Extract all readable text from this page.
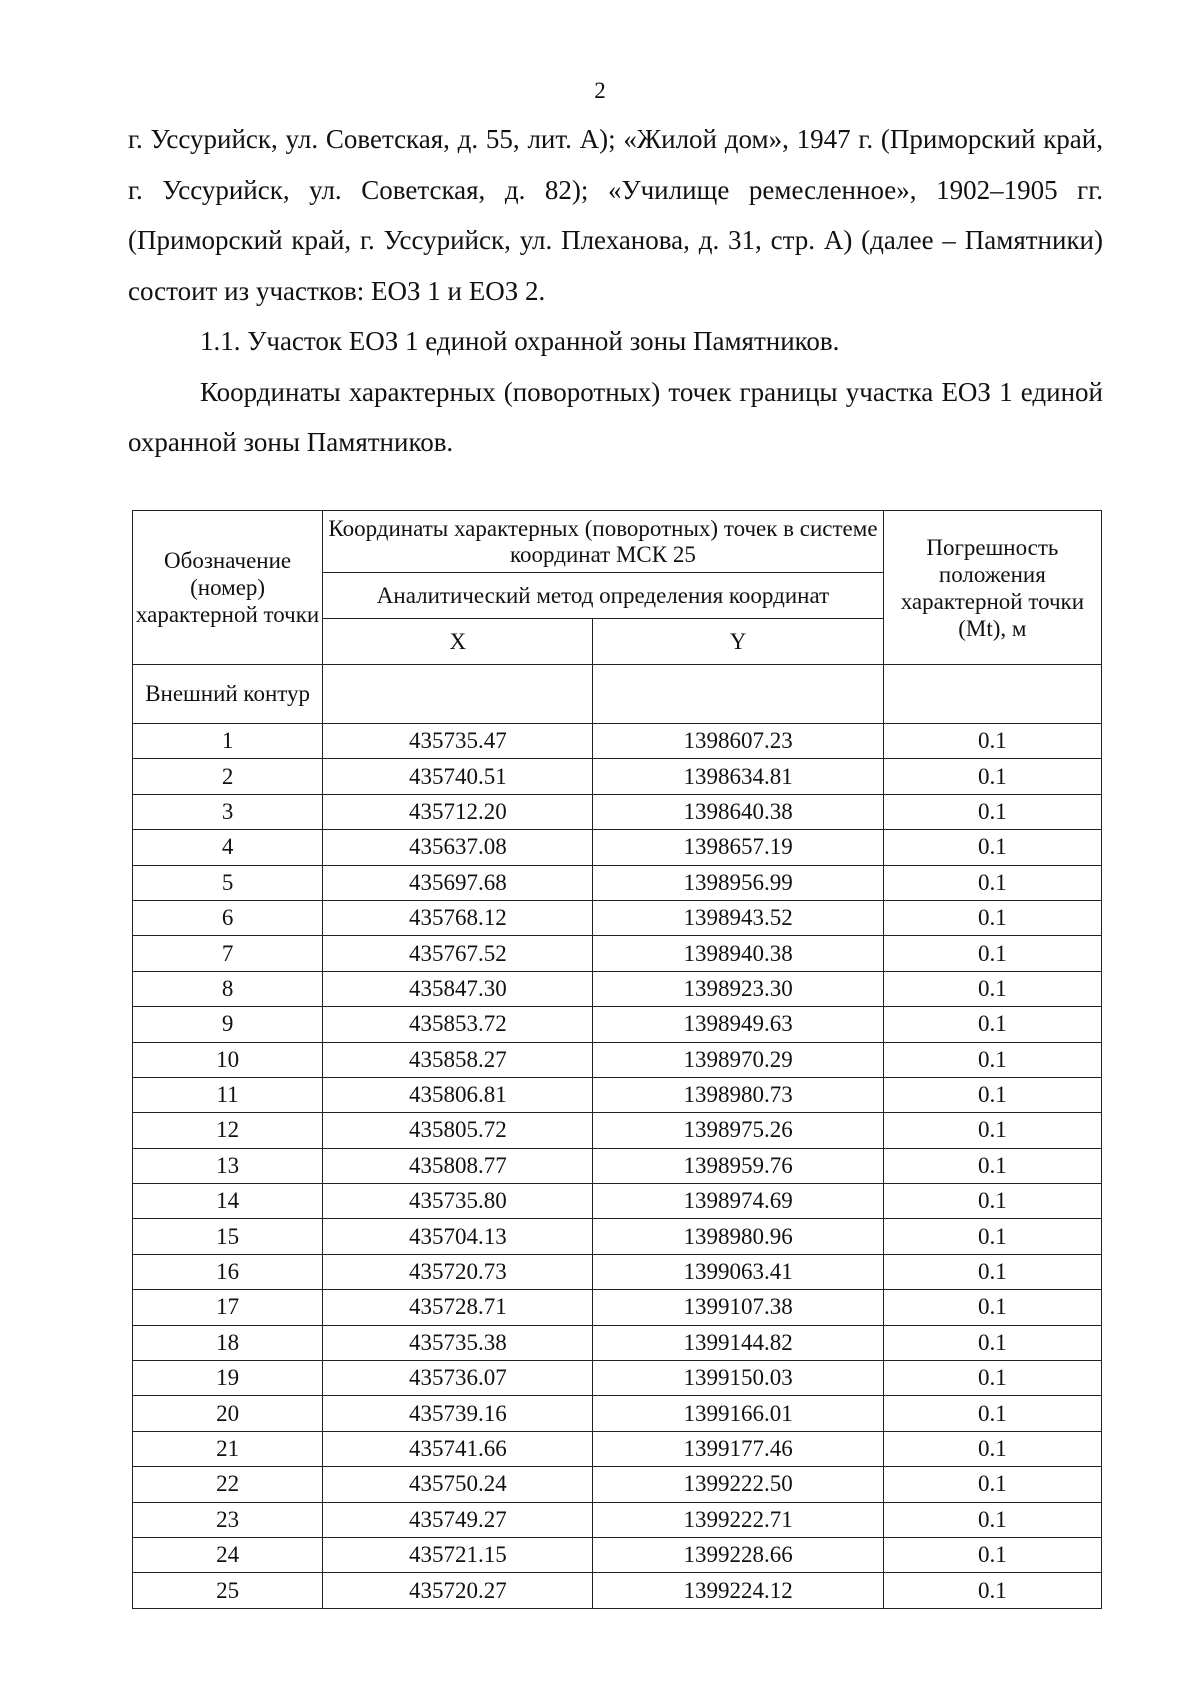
2

г. Уссурийск, ул. Советская, д. 55, лит. А); «Жилой дом», 1947 г. (Приморский край, г. Уссурийск, ул. Советская, д. 82); «Училище ремесленное», 1902–1905 гг. (Приморский край, г. Уссурийск, ул. Плеханова, д. 31, стр. А) (далее – Памятники) состоит из участков: ЕОЗ 1 и ЕОЗ 2.

1.1. Участок ЕОЗ 1 единой охранной зоны Памятников.

Координаты характерных (поворотных) точек границы участка ЕОЗ 1 единой охранной зоны Памятников.

Обозначение (номер) характерной точки	Координаты характерных (поворотных) точек в системе координат МСК 25		Погрешность положения характерной точки (Mt), м
	Аналитический метод определения координат		
	X	Y	
Внешний контур			
1	435735.47	1398607.23	0.1
2	435740.51	1398634.81	0.1
3	435712.20	1398640.38	0.1
4	435637.08	1398657.19	0.1
5	435697.68	1398956.99	0.1
6	435768.12	1398943.52	0.1
7	435767.52	1398940.38	0.1
8	435847.30	1398923.30	0.1
9	435853.72	1398949.63	0.1
10	435858.27	1398970.29	0.1
11	435806.81	1398980.73	0.1
12	435805.72	1398975.26	0.1
13	435808.77	1398959.76	0.1
14	435735.80	1398974.69	0.1
15	435704.13	1398980.96	0.1
16	435720.73	1399063.41	0.1
17	435728.71	1399107.38	0.1
18	435735.38	1399144.82	0.1
19	435736.07	1399150.03	0.1
20	435739.16	1399166.01	0.1
21	435741.66	1399177.46	0.1
22	435750.24	1399222.50	0.1
23	435749.27	1399222.71	0.1
24	435721.15	1399228.66	0.1
25	435720.27	1399224.12	0.1
